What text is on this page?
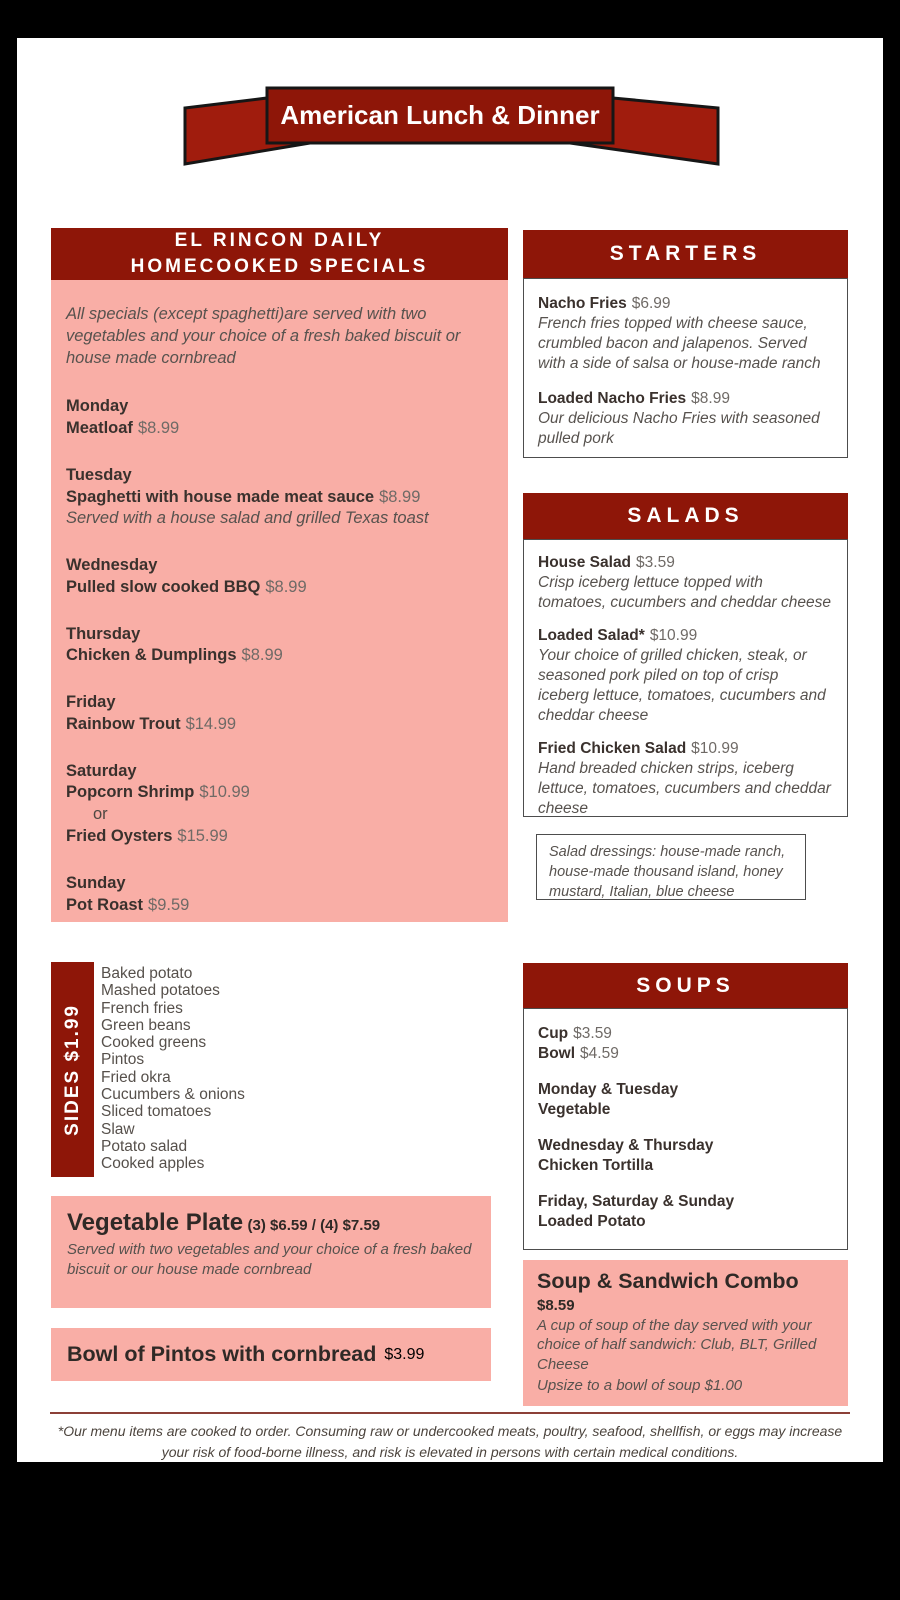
American Lunch & Dinner
EL RINCON DAILY
HOMECOOKED SPECIALS
All specials (except spaghetti)are served with two vegetables and your choice of a fresh baked biscuit or house made cornbread
Monday
Meatloaf $8.99
Tuesday
Spaghetti with house made meat sauce $8.99
Served with a house salad and grilled Texas toast
Wednesday
Pulled slow cooked BBQ $8.99
Thursday
Chicken & Dumplings $8.99
Friday
Rainbow Trout $14.99
Saturday
Popcorn Shrimp $10.99
or
Fried Oysters $15.99
Sunday
Pot Roast $9.59
STARTERS
Nacho Fries $6.99
French fries topped with cheese sauce, crumbled bacon and jalapenos. Served with a side of salsa or house-made ranch
Loaded Nacho Fries $8.99
Our delicious Nacho Fries with seasoned pulled pork
SALADS
House Salad $3.59
Crisp iceberg lettuce topped with tomatoes, cucumbers and cheddar cheese
Loaded Salad* $10.99
Your choice of grilled chicken, steak, or seasoned pork piled on top of crisp iceberg lettuce, tomatoes, cucumbers and cheddar cheese
Fried Chicken Salad $10.99
Hand breaded chicken strips, iceberg lettuce, tomatoes, cucumbers and cheddar cheese
Salad dressings: house-made ranch, house-made thousand island, honey mustard, Italian, blue cheese
SIDES $1.99
Baked potato
Mashed potatoes
French fries
Green beans
Cooked greens
Pintos
Fried okra
Cucumbers & onions
Sliced tomatoes
Slaw
Potato salad
Cooked apples
SOUPS
Cup $3.59
Bowl $4.59
Monday & Tuesday
Vegetable
Wednesday & Thursday
Chicken Tortilla
Friday, Saturday & Sunday
Loaded Potato
Vegetable Plate (3) $6.59 / (4) $7.59
Served with two vegetables and your choice of a fresh baked biscuit or our house made cornbread
Bowl of Pintos with cornbread $3.99
Soup & Sandwich Combo
$8.59
A cup of soup of the day served with your choice of half sandwich: Club, BLT, Grilled Cheese
Upsize to a bowl of soup $1.00
*Our menu items are cooked to order. Consuming raw or undercooked meats, poultry, seafood, shellfish, or eggs may increase your risk of food-borne illness, and risk is elevated in persons with certain medical conditions.
